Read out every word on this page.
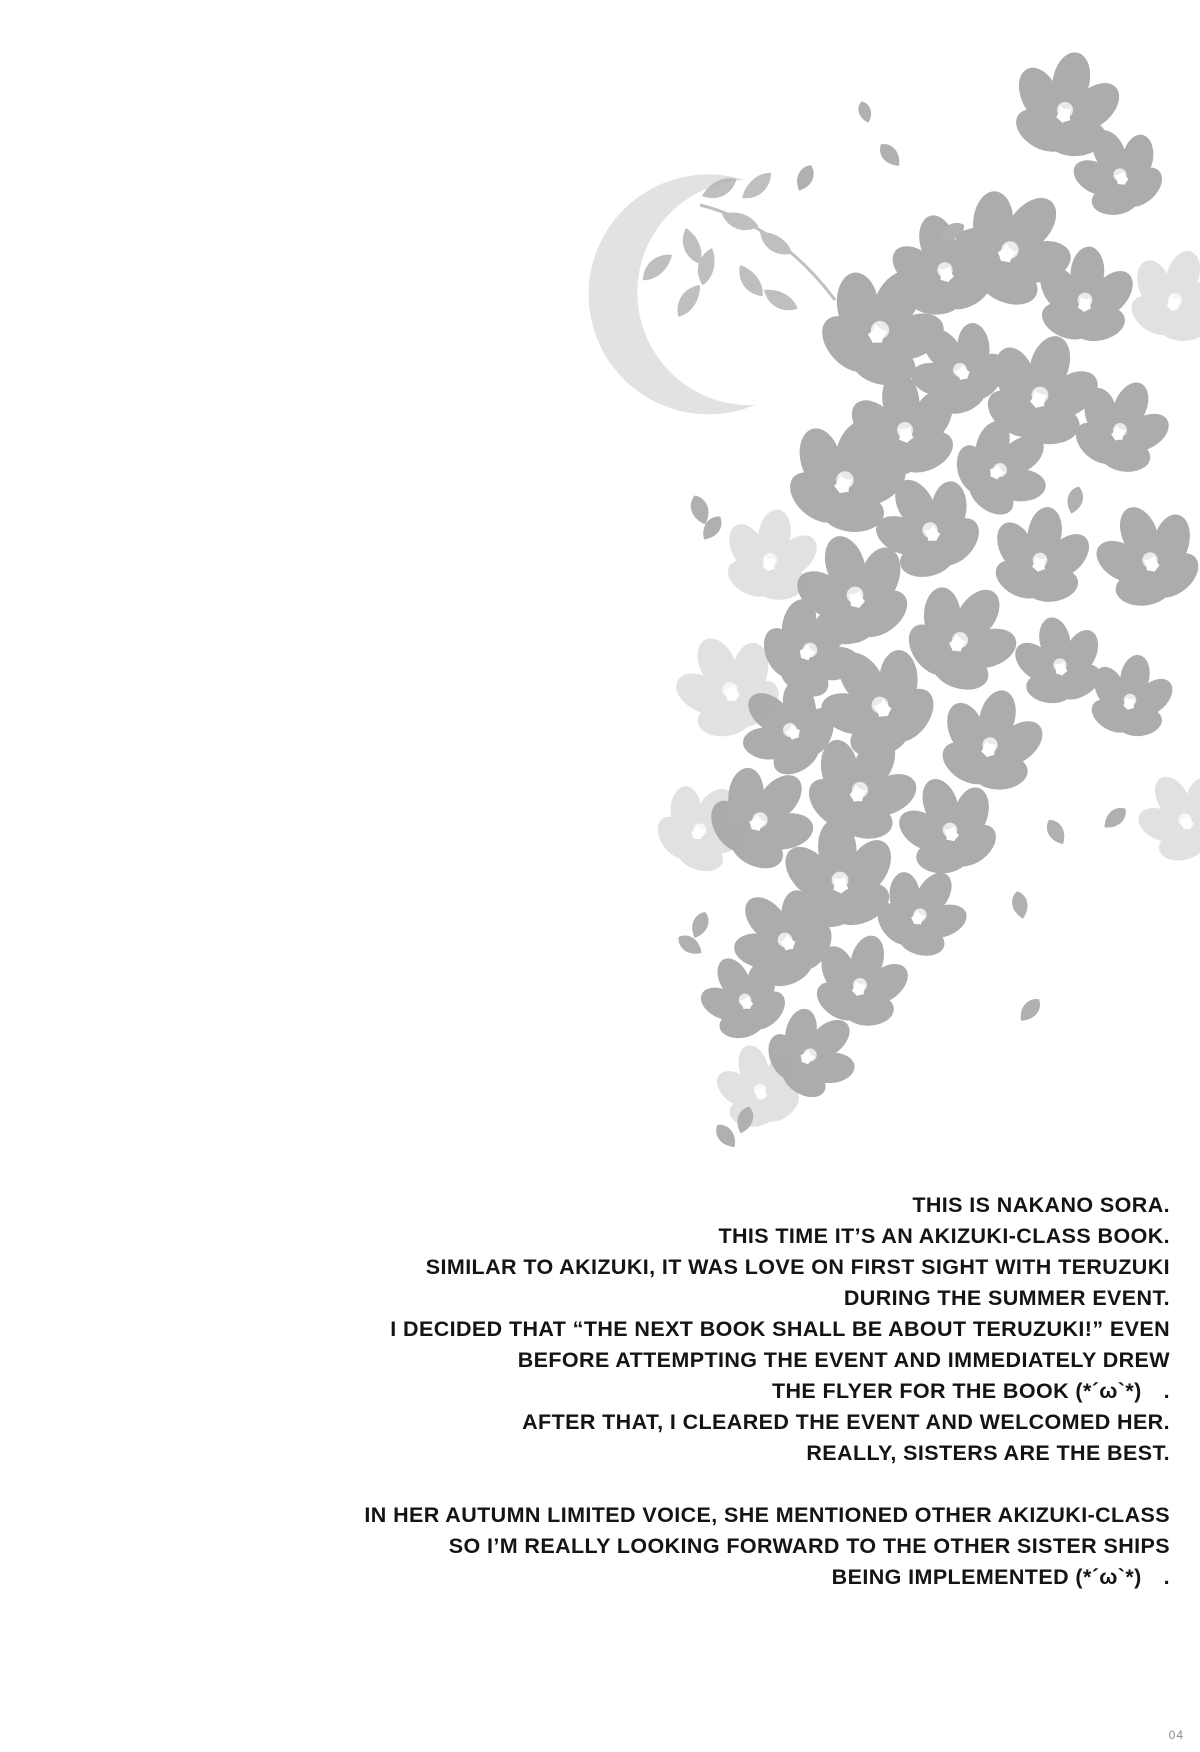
THIS IS NAKANO SORA.
THIS TIME IT’S AN AKIZUKI-CLASS BOOK.
SIMILAR TO AKIZUKI, IT WAS LOVE ON FIRST SIGHT WITH TERUZUKI
DURING THE SUMMER EVENT.
I DECIDED THAT “THE NEXT BOOK SHALL BE ABOUT TERUZUKI!” EVEN
BEFORE ATTEMPTING THE EVENT AND IMMEDIATELY DREW
THE FLYER FOR THE BOOK (*´ω`*)　.
AFTER THAT, I CLEARED THE EVENT AND WELCOMED HER.
REALLY, SISTERS ARE THE BEST.
IN HER AUTUMN LIMITED VOICE, SHE MENTIONED OTHER AKIZUKI-CLASS
SO I’M REALLY LOOKING FORWARD TO THE OTHER SISTER SHIPS
BEING IMPLEMENTED (*´ω`*)　.
04
